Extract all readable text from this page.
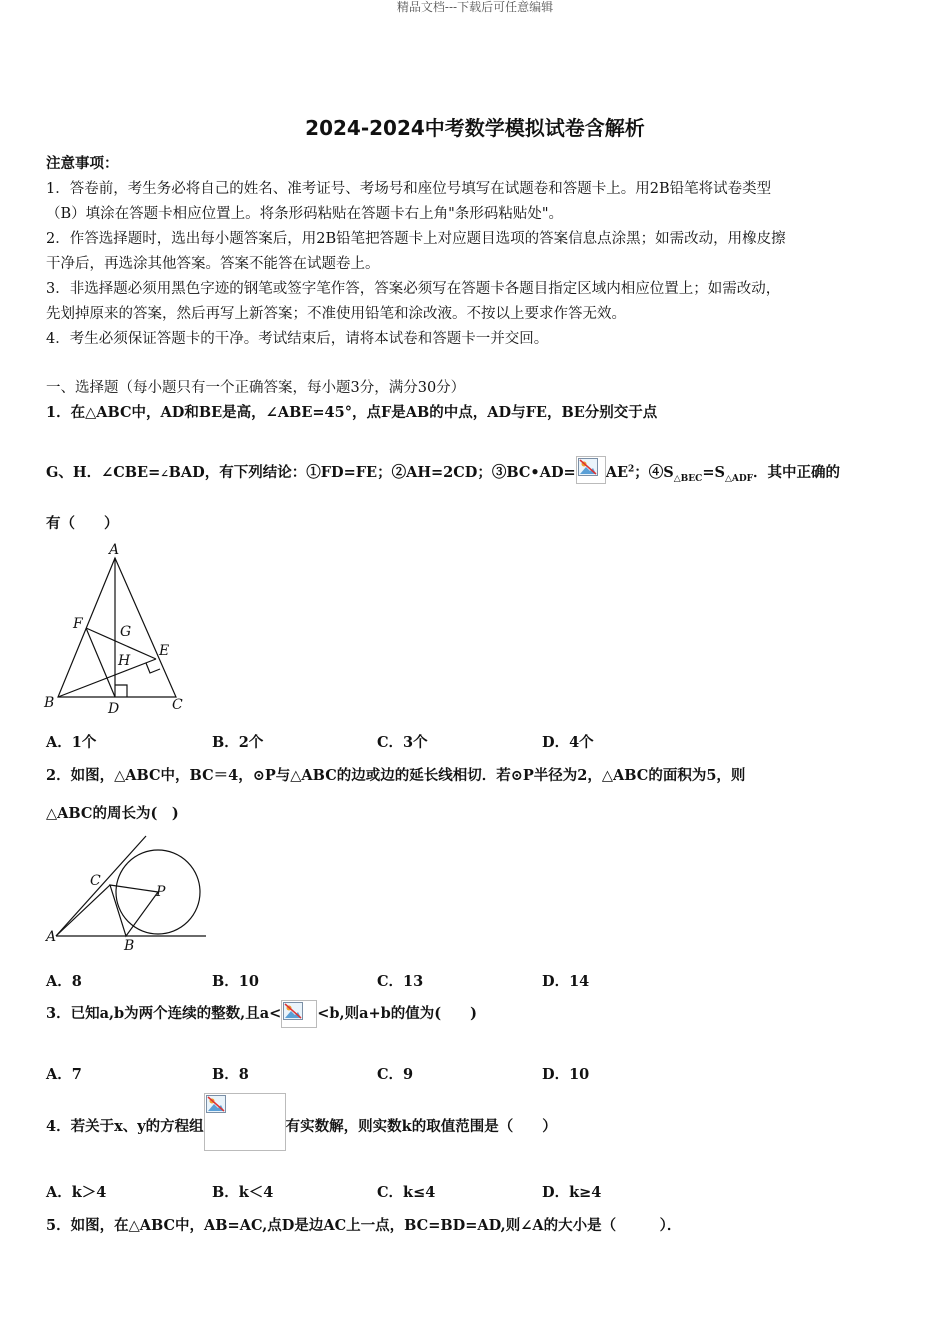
精品文档---下载后可任意编辑
2024-2024中考数学模拟试卷含解析
注意事项：
1．答卷前，考生务必将自己的姓名、准考证号、考场号和座位号填写在试题卷和答题卡上。用2B铅笔将试卷类型
（B）填涂在答题卡相应位置上。将条形码粘贴在答题卡右上角"条形码粘贴处"。
2．作答选择题时，选出每小题答案后，用2B铅笔把答题卡上对应题目选项的答案信息点涂黑；如需改动，用橡皮擦
干净后，再选涂其他答案。答案不能答在试题卷上。
3．非选择题必须用黑色字迹的钢笔或签字笔作答，答案必须写在答题卡各题目指定区域内相应位置上；如需改动，
先划掉原来的答案，然后再写上新答案；不准使用铅笔和涂改液。不按以上要求作答无效。
4．考生必须保证答题卡的干净。考试结束后，请将本试卷和答题卡一并交回。
一、选择题（每小题只有一个正确答案，每小题3分，满分30分）
1．在△ABC中，AD和BE是高，∠ABE=45°，点F是AB的中点，AD与FE，BE分别交于点
G、H．∠CBE=∠BAD，有下列结论：①FD=FE；②AH=2CD；③BC•AD= $AE^2$；$④S_{\triangle BEC}=S_{\triangle ADF}$．其中正确的
有（　　）
A
F	G
E
H
B	D	C
A．1个	B．2个	C．3个	D．4个
2．如图，△ABC中，BC＝4，⊙P与△ABC的边或边的延长线相切．若⊙P半径为2，△ABC的面积为5，则
△ABC的周长为(　)
C
P
A
B
A．8	B．10	C．13	D．14
3．已知a,b为两个连续的整数,且a< <b,则a+b的值为(　　)
A．7	B．8	C．9	D．10
4．若关于x、y的方程组	有实数解，则实数k的取值范围是（　　）
A．k＞4	B．k＜4	C．k≤4	D．k≥4
5．如图，在△ABC中，AB=AC,点D是边AC上一点，BC=BD=AD,则∠A的大小是（　　　）．
